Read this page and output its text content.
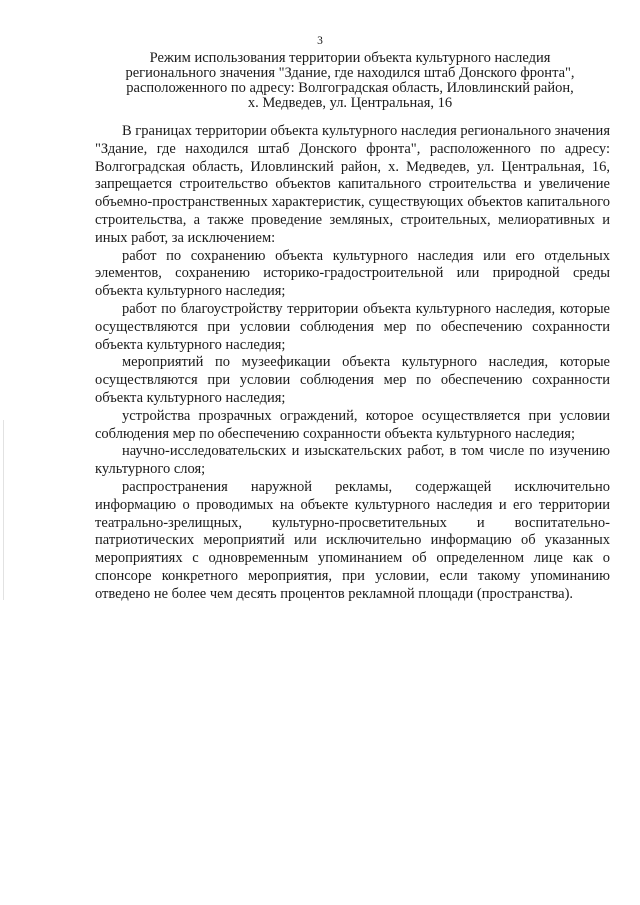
3
Режим использования территории объекта культурного наследия
регионального значения "Здание, где находился штаб Донского фронта",
расположенного по адресу: Волгоградская область, Иловлинский район,
х. Медведев, ул. Центральная, 16

В границах территории объекта культурного наследия регионального значения "Здание, где находился штаб Донского фронта", расположенного по адресу: Волгоградская область, Иловлинский район, х. Медведев, ул. Центральная, 16, запрещается строительство объектов капитального строительства и увеличение объемно-пространственных характеристик, существующих объектов капитального строительства, а также проведение земляных, строительных, мелиоративных и иных работ, за исключением:

работ по сохранению объекта культурного наследия или его отдельных элементов, сохранению историко-градостроительной или природной среды объекта культурного наследия;

работ по благоустройству территории объекта культурного наследия, которые осуществляются при условии соблюдения мер по обеспечению сохранности объекта культурного наследия;

мероприятий по музеефикации объекта культурного наследия, которые осуществляются при условии соблюдения мер по обеспечению сохранности объекта культурного наследия;

устройства прозрачных ограждений, которое осуществляется при условии соблюдения мер по обеспечению сохранности объекта культурного наследия;

научно-исследовательских и изыскательских работ, в том числе по изучению культурного слоя;

распространения наружной рекламы, содержащей исключительно информацию о проводимых на объекте культурного наследия и его территории театрально-зрелищных, культурно-просветительных и воспитательно-патриотических мероприятий или исключительно информацию об указанных мероприятиях с одновременным упоминанием об определенном лице как о спонсоре конкретного мероприятия, при условии, если такому упоминанию отведено не более чем десять процентов рекламной площади (пространства).
